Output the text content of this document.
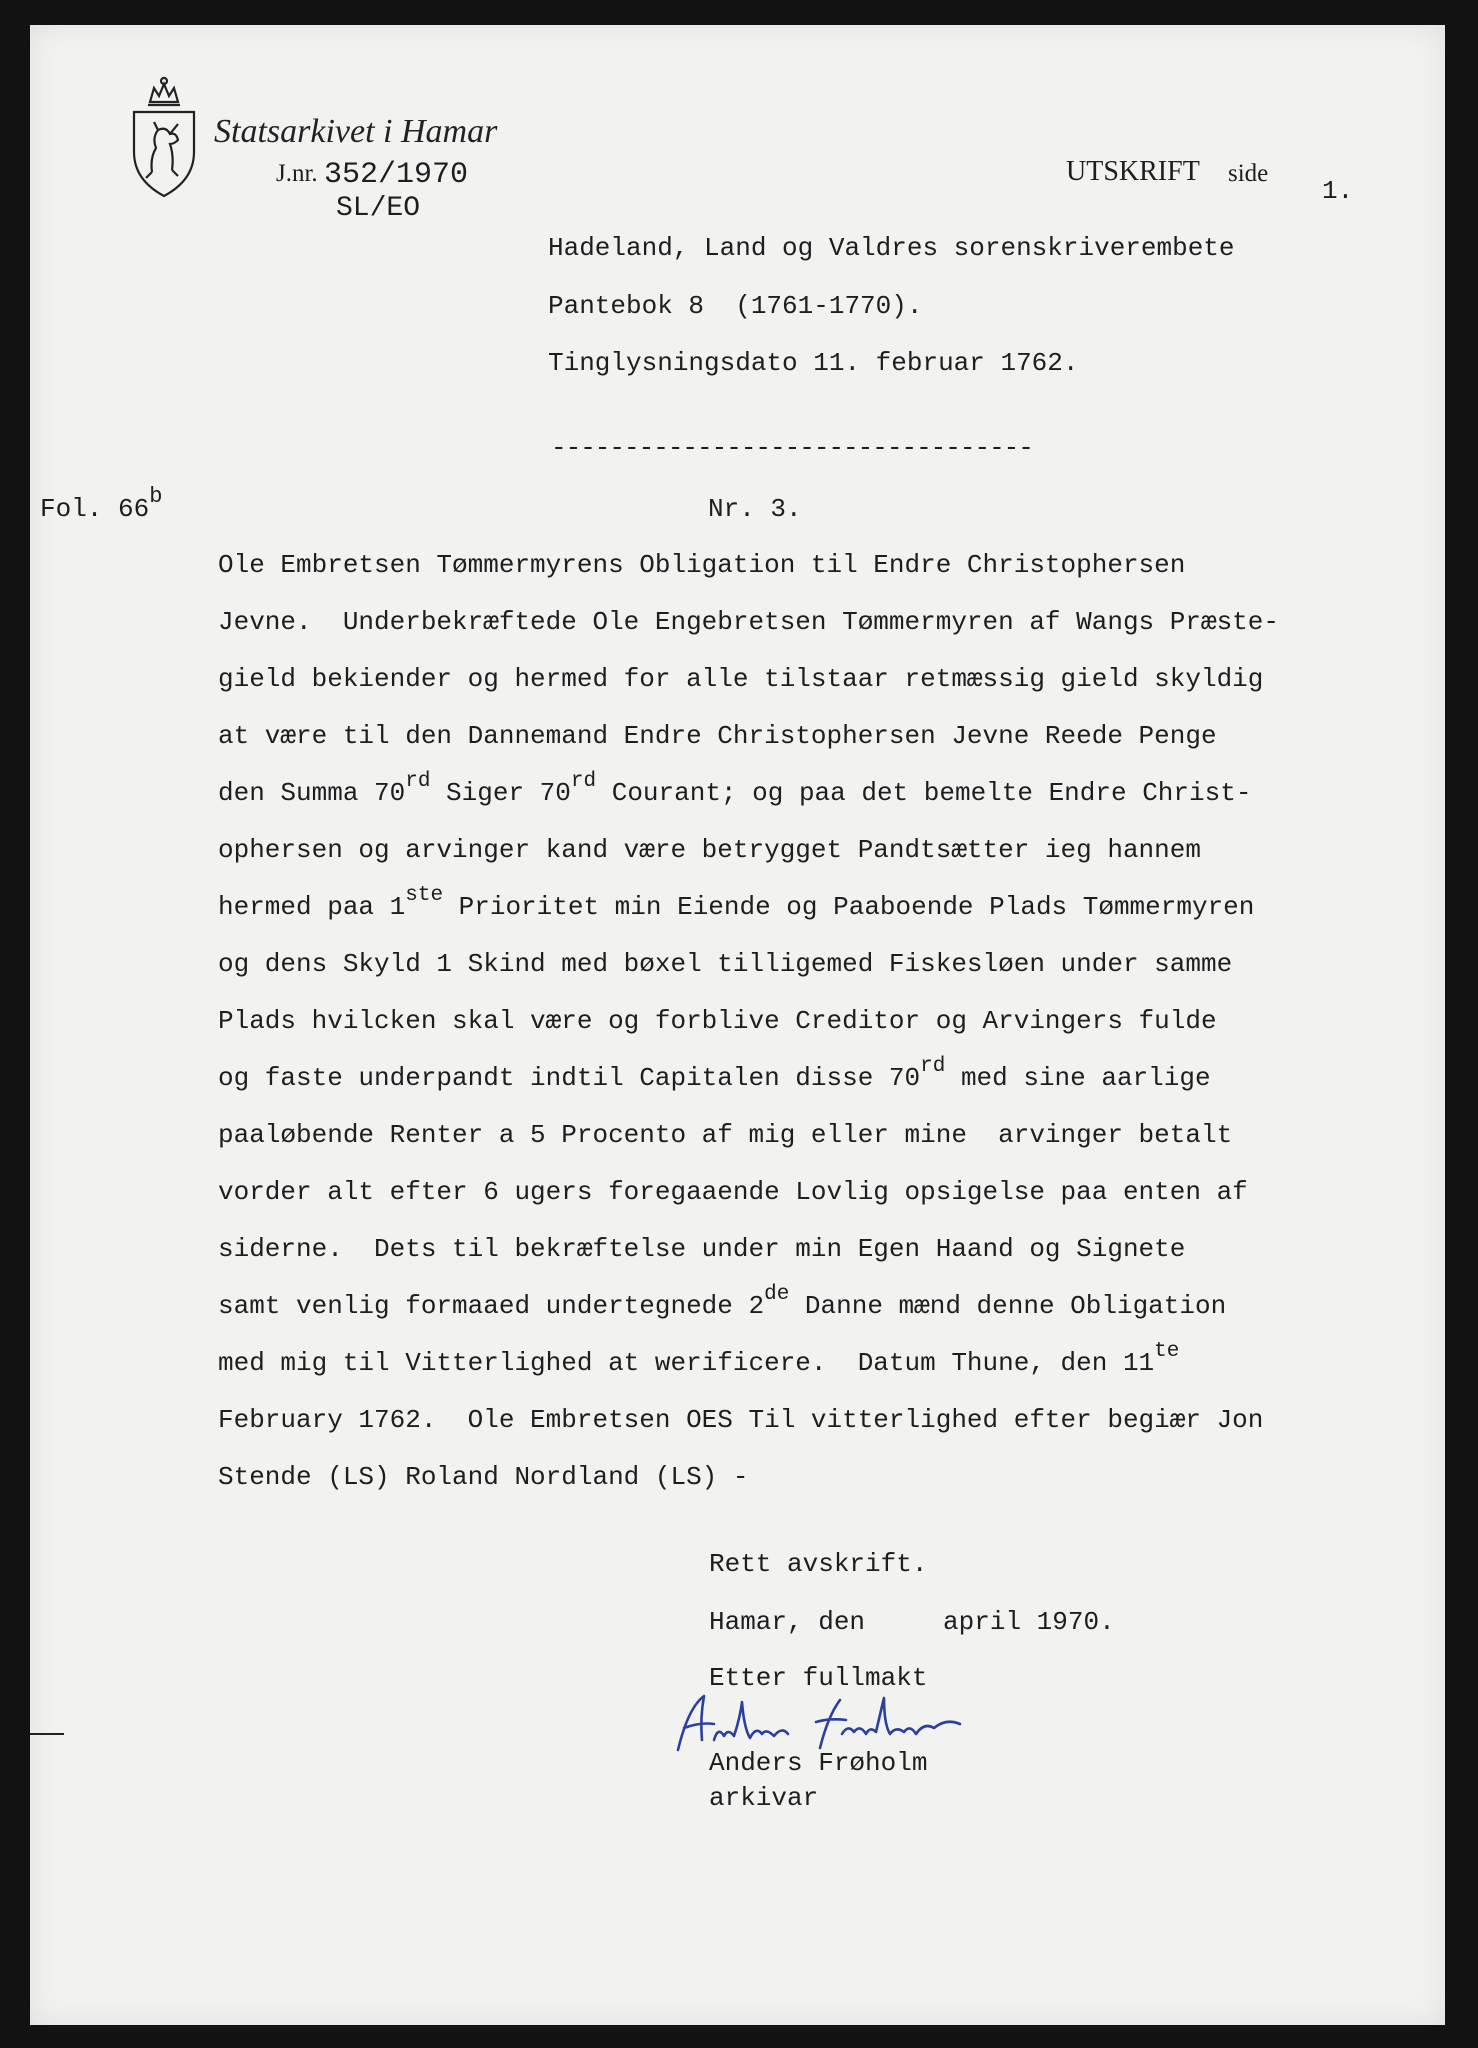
Statsarkivet i Hamar
J.nr. 352/1970
SL/EO
UTSKRIFT side
1.
Hadeland, Land og Valdres sorenskriverembete
Pantebok 8  (1761-1770).
Tinglysningsdato 11. februar 1762.
---------------------------------
Fol. 66$^b$	Nr. 3.
Ole Embretsen Tømmermyrens Obligation til Endre Christophersen
Jevne.  Underbekræftede Ole Engebretsen Tømmermyren af Wangs Præste-
gield bekiender og hermed for alle tilstaar retmæssig gield skyldig
at være til den Dannemand Endre Christophersen Jevne Reede Penge
den Summa 70rd Siger 70rd Courant; og paa det bemelte Endre Christ-
ophersen og arvinger kand være betrygget Pandtsætter ieg hannem
hermed paa 1ste Prioritet min Eiende og Paaboende Plads Tømmermyren
og dens Skyld 1 Skind med bøxel tilligemed Fiskesløen under samme
Plads hvilcken skal være og forblive Creditor og Arvingers fulde
og faste underpandt indtil Capitalen disse 70rd med sine aarlige
paaløbende Renter a 5 Procento af mig eller mine  arvinger betalt
vorder alt efter 6 ugers foregaaende Lovlig opsigelse paa enten af
siderne.  Dets til bekræftelse under min Egen Haand og Signete
samt venlig formaaed undertegnede 2de Danne mænd denne Obligation
med mig til Vitterlighed at werificere.  Datum Thune, den $11^{te}$
February 1762.  Ole Embretsen OES Til vitterlighed efter begiær Jon
Stende (LS) Roland Nordland (LS) -
Rett avskrift.
Hamar, den     april 1970.
Etter fullmakt
Anders Frøholm
arkivar
